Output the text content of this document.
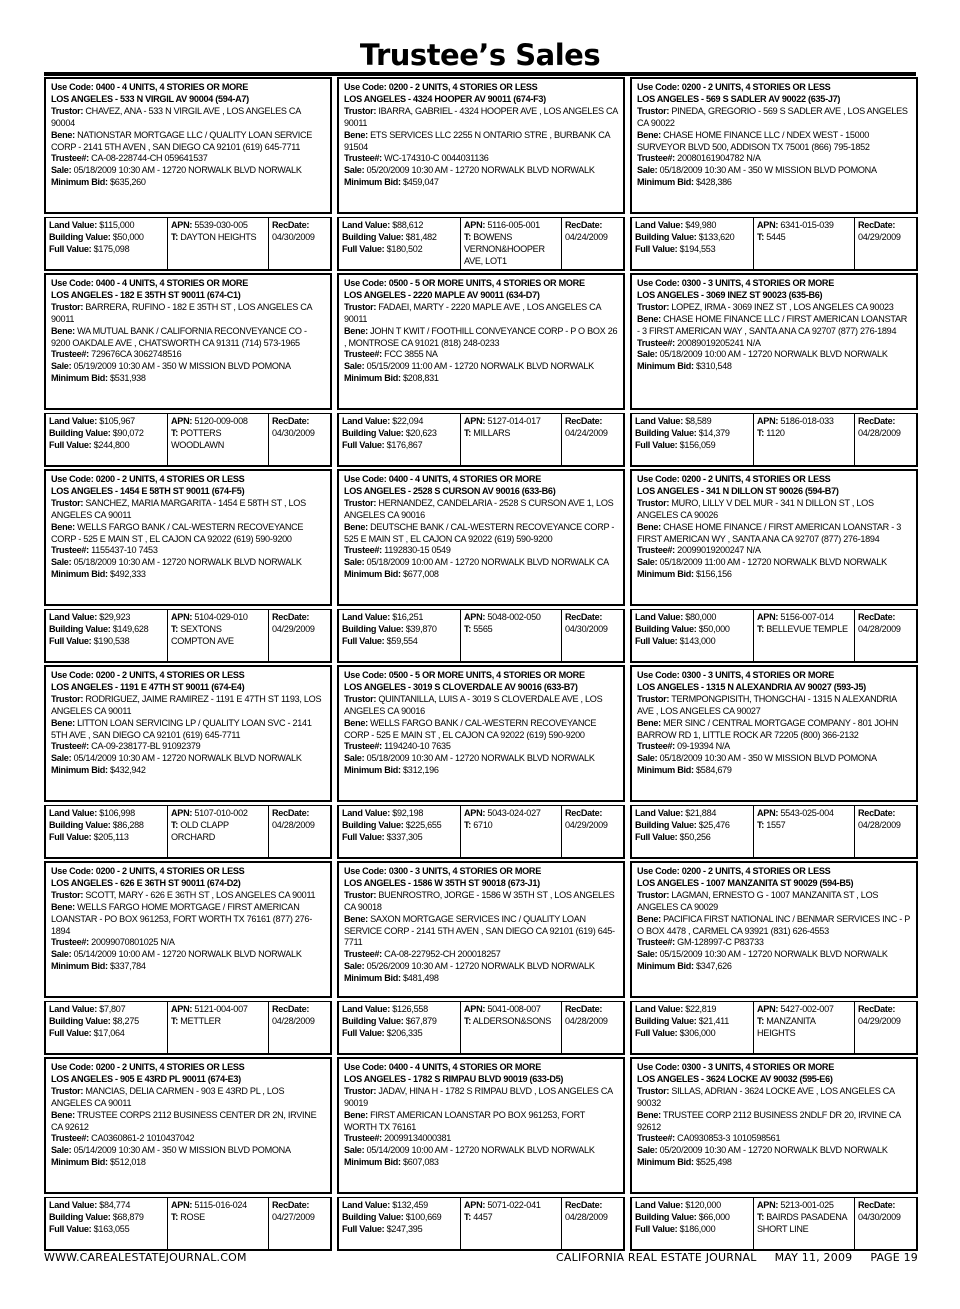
Trustee’s Sales
Use Code: 0400 - 4 UNITS, 4 STORIES OR MORE
LOS ANGELES - 533 N VIRGIL AV 90004 (594-A7)
Trustor: CHAVEZ, ANA - 533 N VIRGIL AVE , LOS ANGELES CA 90004
Bene: NATIONSTAR MORTGAGE LLC / QUALITY LOAN SERVICE CORP - 2141 5TH AVEN , SAN DIEGO CA 92101 (619) 645-7711
Trustee#: CA-08-228744-CH 059641537
Sale: 05/18/2009 10:30 AM - 12720 NORWALK BLVD NORWALK
Minimum Bid: $635,260
Land Value: $115,000
Building Value: $50,000
Full Value: $175,098
APN: 5539-030-005
T: DAYTON HEIGHTS
RecDate:
04/30/2009
Use Code: 0200 - 2 UNITS, 4 STORIES OR LESS
LOS ANGELES - 4324 HOOPER AV 90011 (674-F3)
Trustor: IBARRA, GABRIEL - 4324 HOOPER AVE , LOS ANGELES CA 90011
Bene: ETS SERVICES LLC 2255 N ONTARIO STRE , BURBANK CA 91504
Trustee#: WC-174310-C 0044031136
Sale: 05/20/2009 10:30 AM - 12720 NORWALK BLVD NORWALK
Minimum Bid: $459,047
Land Value: $88,612
Building Value: $81,482
Full Value: $180,502
APN: 5116-005-001
T: BOWENS VERNON&HOOPER AVE, LOT1
RecDate:
04/24/2009
Use Code: 0200 - 2 UNITS, 4 STORIES OR LESS
LOS ANGELES - 569 S SADLER AV 90022 (635-J7)
Trustor: PINEDA, GREGORIO - 569 S SADLER AVE , LOS ANGELES CA 90022
Bene: CHASE HOME FINANCE LLC / NDEX WEST - 15000 SURVEYOR BLVD 500, ADDISON TX 75001 (866) 795-1852
Trustee#: 20080161904782 N/A
Sale: 05/18/2009 10:30 AM - 350 W MISSION BLVD POMONA
Minimum Bid: $428,386
Land Value: $49,980
Building Value: $133,620
Full Value: $194,553
APN: 6341-015-039
T: 5445
RecDate:
04/29/2009
Use Code: 0400 - 4 UNITS, 4 STORIES OR MORE
LOS ANGELES - 182 E 35TH ST 90011 (674-C1)
Trustor: BARRERA, RUFINO - 182 E 35TH ST , LOS ANGELES CA 90011
Bene: WA MUTUAL BANK / CALIFORNIA RECONVEYANCE CO - 9200 OAKDALE AVE , CHATSWORTH CA 91311 (714) 573-1965
Trustee#: 729676CA 3062748516
Sale: 05/19/2009 10:30 AM - 350 W MISSION BLVD POMONA
Minimum Bid: $531,938
Land Value: $105,967
Building Value: $90,072
Full Value: $244,800
APN: 5120-009-008
T: POTTERS WOODLAWN
RecDate:
04/30/2009
Use Code: 0500 - 5 OR MORE UNITS, 4 STORIES OR MORE
LOS ANGELES - 2220 MAPLE AV 90011 (634-D7)
Trustor: FADAEI, MARTY - 2220 MAPLE AVE , LOS ANGELES CA 90011
Bene: JOHN T KWIT / FOOTHILL CONVEYANCE CORP - P O BOX 26 , MONTROSE CA 91021 (818) 248-0233
Trustee#: FCC 3855 NA
Sale: 05/15/2009 11:00 AM - 12720 NORWALK BLVD NORWALK
Minimum Bid: $208,831
Land Value: $22,094
Building Value: $20,623
Full Value: $176,867
APN: 5127-014-017
T: MILLARS
RecDate:
04/24/2009
Use Code: 0300 - 3 UNITS, 4 STORIES OR MORE
LOS ANGELES - 3069 INEZ ST 90023 (635-B6)
Trustor: LOPEZ, IRMA - 3069 INEZ ST , LOS ANGELES CA 90023
Bene: CHASE HOME FINANCE LLC / FIRST AMERICAN LOANSTAR - 3 FIRST AMERICAN WAY , SANTA ANA CA 92707 (877) 276-1894
Trustee#: 20089019205241 N/A
Sale: 05/18/2009 10:00 AM - 12720 NORWALK BLVD NORWALK
Minimum Bid: $310,548
Land Value: $8,589
Building Value: $14,379
Full Value: $156,059
APN: 5186-018-033
T: 1120
RecDate:
04/28/2009
Use Code: 0200 - 2 UNITS, 4 STORIES OR LESS
LOS ANGELES - 1454 E 58TH ST 90011 (674-F5)
Trustor: SANCHEZ, MARIA MARGARITA - 1454 E 58TH ST , LOS ANGELES CA 90011
Bene: WELLS FARGO BANK / CAL-WESTERN RECOVEYANCE CORP - 525 E MAIN ST , EL CAJON CA 92022 (619) 590-9200
Trustee#: 1155437-10 7453
Sale: 05/18/2009 10:30 AM - 12720 NORWALK BLVD NORWALK
Minimum Bid: $492,333
Land Value: $29,923
Building Value: $149,628
Full Value: $190,538
APN: 5104-029-010
T: SEXTONS COMPTON AVE
RecDate:
04/29/2009
Use Code: 0400 - 4 UNITS, 4 STORIES OR MORE
LOS ANGELES - 2528 S CURSON AV 90016 (633-B6)
Trustor: HERNANDEZ, CANDELARIA - 2528 S CURSON AVE 1, LOS ANGELES CA 90016
Bene: DEUTSCHE BANK / CAL-WESTERN RECOVEYANCE CORP - 525 E MAIN ST , EL CAJON CA 92022 (619) 590-9200
Trustee#: 1192830-15 0549
Sale: 05/18/2009 10:00 AM - 12720 NORWALK BLVD NORWALK CA
Minimum Bid: $677,008
Land Value: $16,251
Building Value: $39,870
Full Value: $59,554
APN: 5048-002-050
T: 5565
RecDate:
04/30/2009
Use Code: 0200 - 2 UNITS, 4 STORIES OR LESS
LOS ANGELES - 341 N DILLON ST 90026 (594-B7)
Trustor: MURO, LILLY V DEL MUR - 341 N DILLON ST , LOS ANGELES CA 90026
Bene: CHASE HOME FINANCE / FIRST AMERICAN LOANSTAR - 3 FIRST AMERICAN WY , SANTA ANA CA 92707 (877) 276-1894
Trustee#: 20099019200247 N/A
Sale: 05/18/2009 11:00 AM - 12720 NORWALK BLVD NORWALK
Minimum Bid: $156,156
Land Value: $80,000
Building Value: $50,000
Full Value: $143,000
APN: 5156-007-014
T: BELLEVUE TEMPLE
RecDate:
04/28/2009
Use Code: 0200 - 2 UNITS, 4 STORIES OR LESS
LOS ANGELES - 1191 E 47TH ST 90011 (674-E4)
Trustor: RODRIGUEZ, JAIME RAMIREZ - 1191 E 47TH ST 1193, LOS ANGELES CA 90011
Bene: LITTON LOAN SERVICING LP / QUALITY LOAN SVC - 2141 5TH AVE , SAN DIEGO CA 92101 (619) 645-7711
Trustee#: CA-09-238177-BL 91092379
Sale: 05/14/2009 10:30 AM - 12720 NORWALK BLVD NORWALK
Minimum Bid: $432,942
Land Value: $106,998
Building Value: $86,288
Full Value: $205,113
APN: 5107-010-002
T: OLD CLAPP ORCHARD
RecDate:
04/28/2009
Use Code: 0500 - 5 OR MORE UNITS, 4 STORIES OR MORE
LOS ANGELES - 3019 S CLOVERDALE AV 90016 (633-B7)
Trustor: QUINTANILLA, LUIS A - 3019 S CLOVERDALE AVE , LOS ANGELES CA 90016
Bene: WELLS FARGO BANK / CAL-WESTERN RECOVEYANCE CORP - 525 E MAIN ST , EL CAJON CA 92022 (619) 590-9200
Trustee#: 1194240-10 7635
Sale: 05/18/2009 10:30 AM - 12720 NORWALK BLVD NORWALK
Minimum Bid: $312,196
Land Value: $92,198
Building Value: $225,655
Full Value: $337,305
APN: 5043-024-027
T: 6710
RecDate:
04/29/2009
Use Code: 0300 - 3 UNITS, 4 STORIES OR MORE
LOS ANGELES - 1315 N ALEXANDRIA AV 90027 (593-J5)
Trustor: TERMPONGPISITH, THONGCHAI - 1315 N ALEXANDRIA AVE , LOS ANGELES CA 90027
Bene: MER SINC / CENTRAL MORTGAGE COMPANY - 801 JOHN BARROW RD 1, LITTLE ROCK AR 72205 (800) 366-2132
Trustee#: 09-19394 N/A
Sale: 05/18/2009 10:30 AM - 350 W MISSION BLVD POMONA
Minimum Bid: $584,679
Land Value: $21,884
Building Value: $25,476
Full Value: $50,256
APN: 5543-025-004
T: 1557
RecDate:
04/28/2009
Use Code: 0200 - 2 UNITS, 4 STORIES OR LESS
LOS ANGELES - 626 E 36TH ST 90011 (674-D2)
Trustor: SCOTT, MARY - 626 E 36TH ST , LOS ANGELES CA 90011
Bene: WELLS FARGO HOME MORTGAGE / FIRST AMERICAN LOANSTAR - PO BOX 961253, FORT WORTH TX 76161 (877) 276-1894
Trustee#: 20099070801025 N/A
Sale: 05/14/2009 10:00 AM - 12720 NORWALK BLVD NORWALK
Minimum Bid: $337,784
Land Value: $7,807
Building Value: $8,275
Full Value: $17,064
APN: 5121-004-007
T: METTLER
RecDate:
04/28/2009
Use Code: 0300 - 3 UNITS, 4 STORIES OR MORE
LOS ANGELES - 1586 W 35TH ST 90018 (673-J1)
Trustor: BUENROSTRO, JORGE - 1586 W 35TH ST , LOS ANGELES CA 90018
Bene: SAXON MORTGAGE SERVICES INC / QUALITY LOAN SERVICE CORP - 2141 5TH AVEN , SAN DIEGO CA 92101 (619) 645-7711
Trustee#: CA-08-227952-CH 200018257
Sale: 05/26/2009 10:30 AM - 12720 NORWALK BLVD NORWALK
Minimum Bid: $481,498
Land Value: $126,558
Building Value: $67,879
Full Value: $206,335
APN: 5041-008-007
T: ALDERSON&SONS
RecDate:
04/28/2009
Use Code: 0200 - 2 UNITS, 4 STORIES OR LESS
LOS ANGELES - 1007 MANZANITA ST 90029 (594-B5)
Trustor: LAGMAN, ERNESTO G - 1007 MANZANITA ST , LOS ANGELES CA 90029
Bene: PACIFICA FIRST NATIONAL INC / BENMAR SERVICES INC - P O BOX 4478 , CARMEL CA 93921 (831) 626-4553
Trustee#: GM-128997-C P83733
Sale: 05/15/2009 10:30 AM - 12720 NORWALK BLVD NORWALK
Minimum Bid: $347,626
Land Value: $22,819
Building Value: $21,411
Full Value: $306,000
APN: 5427-002-007
T: MANZANITA HEIGHTS
RecDate:
04/29/2009
Use Code: 0200 - 2 UNITS, 4 STORIES OR LESS
LOS ANGELES - 905 E 43RD PL 90011 (674-E3)
Trustor: MANCIAS, DELIA CARMEN - 903 E 43RD PL , LOS ANGELES CA 90011
Bene: TRUSTEE CORPS 2112 BUSINESS CENTER DR 2N, IRVINE CA 92612
Trustee#: CA0360861-2 1010437042
Sale: 05/14/2009 10:30 AM - 350 W MISSION BLVD POMONA
Minimum Bid: $512,018
Land Value: $84,774
Building Value: $68,879
Full Value: $163,055
APN: 5115-016-024
T: ROSE
RecDate:
04/27/2009
Use Code: 0400 - 4 UNITS, 4 STORIES OR MORE
LOS ANGELES - 1782 S RIMPAU BLVD 90019 (633-D5)
Trustor: JADAV, HINA H - 1782 S RIMPAU BLVD , LOS ANGELES CA 90019
Bene: FIRST AMERICAN LOANSTAR PO BOX 961253, FORT WORTH TX 76161
Trustee#: 20099134000381
Sale: 05/14/2009 10:00 AM - 12720 NORWALK BLVD NORWALK
Minimum Bid: $607,083
Land Value: $132,459
Building Value: $100,669
Full Value: $247,395
APN: 5071-022-041
T: 4457
RecDate:
04/28/2009
Use Code: 0300 - 3 UNITS, 4 STORIES OR MORE
LOS ANGELES - 3624 LOCKE AV 90032 (595-E6)
Trustor: SILLAS, ADRIAN - 3624 LOCKE AVE , LOS ANGELES CA 90032
Bene: TRUSTEE CORP 2112 BUSINESS 2NDLF DR 20, IRVINE CA 92612
Trustee#: CA0930853-3 1010598561
Sale: 05/20/2009 10:30 AM - 12720 NORWALK BLVD NORWALK
Minimum Bid: $525,498
Land Value: $120,000
Building Value: $66,000
Full Value: $186,000
APN: 5213-001-025
T: BAIRDS PASADENA SHORT LINE
RecDate:
04/30/2009
WWW.CAREALESTATEJOURNAL.COM	CALIFORNIA REAL ESTATE JOURNAL MAY 11, 2009 PAGE 19
